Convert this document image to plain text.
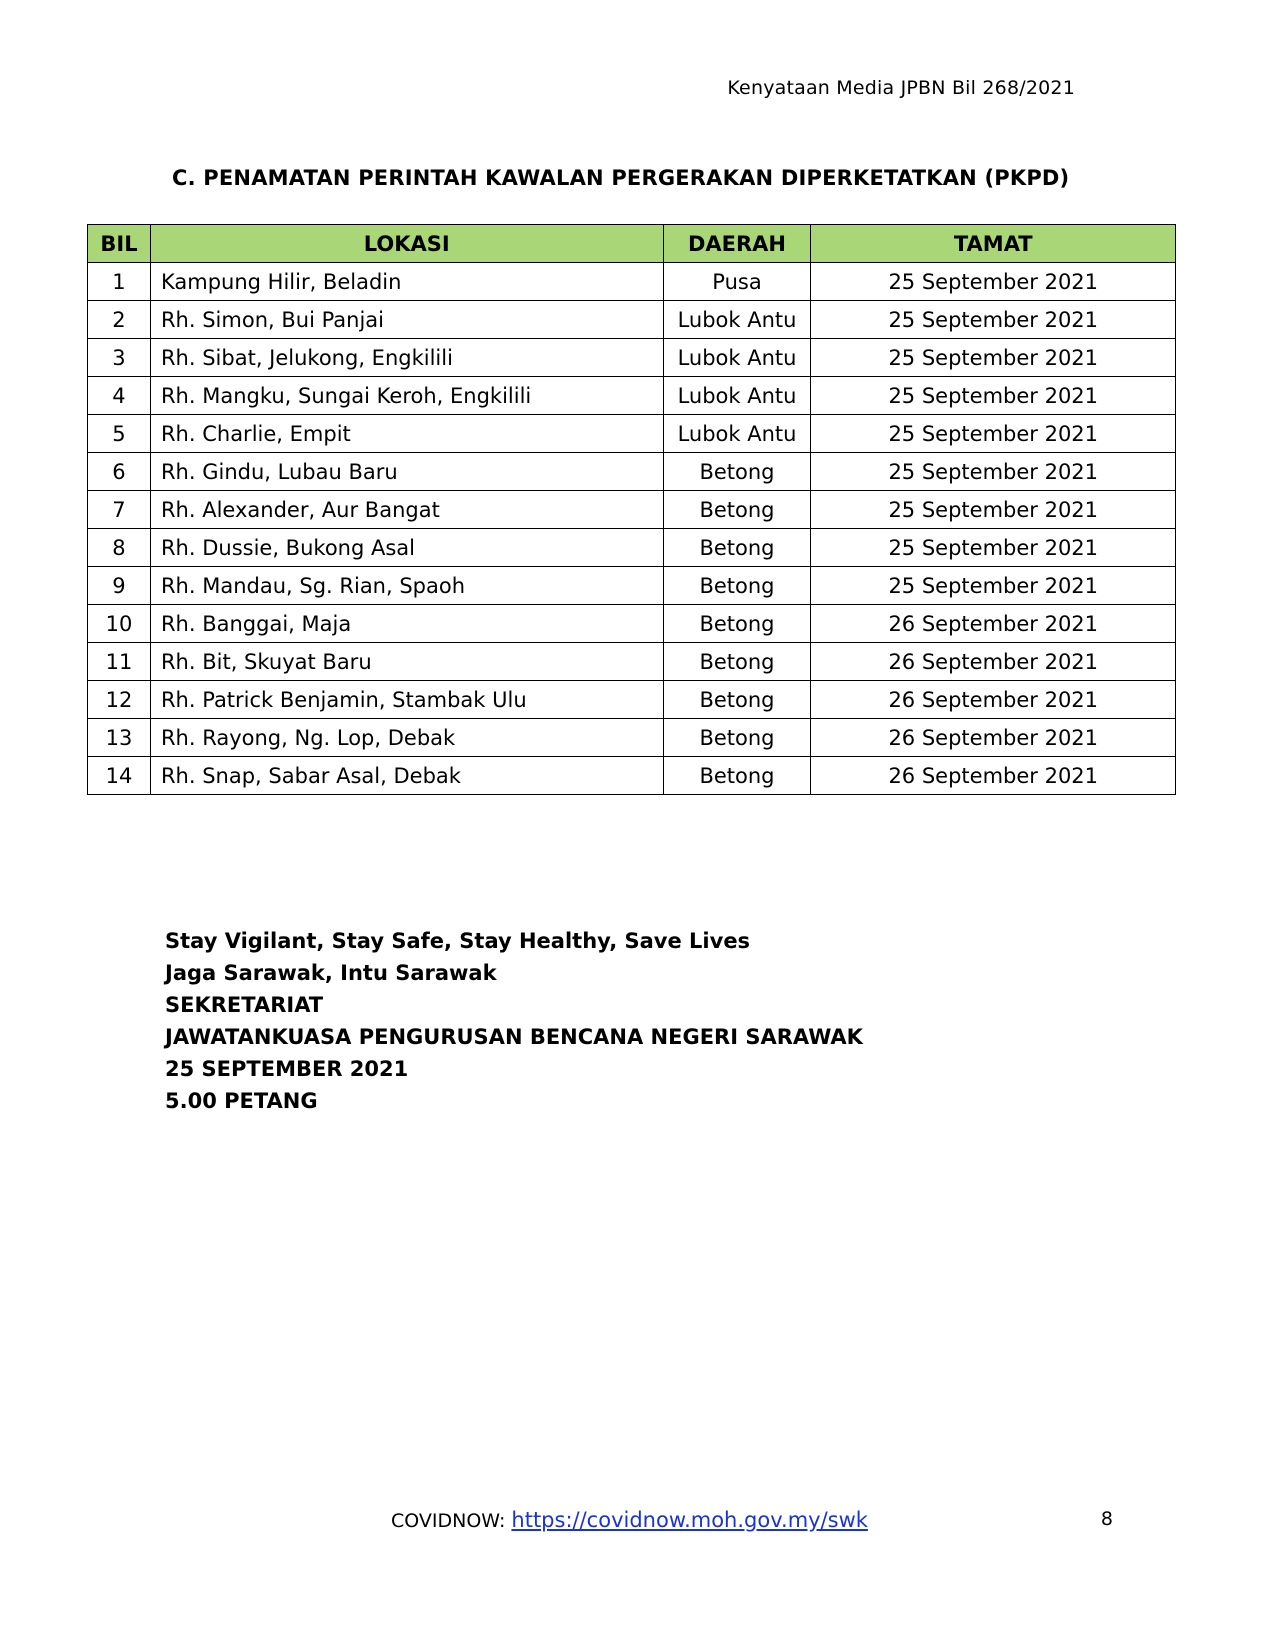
Kenyataan Media JPBN Bil 268/2021
C. PENAMATAN PERINTAH KAWALAN PERGERAKAN DIPERKETATKAN (PKPD)
BIL	LOKASI	DAERAH	TAMAT
1	Kampung Hilir, Beladin	Pusa	25 September 2021
2	Rh. Simon, Bui Panjai	Lubok Antu	25 September 2021
3	Rh. Sibat, Jelukong, Engkilili	Lubok Antu	25 September 2021
4	Rh. Mangku, Sungai Keroh, Engkilili	Lubok Antu	25 September 2021
5	Rh. Charlie, Empit	Lubok Antu	25 September 2021
6	Rh. Gindu, Lubau Baru	Betong	25 September 2021
7	Rh. Alexander, Aur Bangat	Betong	25 September 2021
8	Rh. Dussie, Bukong Asal	Betong	25 September 2021
9	Rh. Mandau, Sg. Rian, Spaoh	Betong	25 September 2021
10	Rh. Banggai, Maja	Betong	26 September 2021
11	Rh. Bit, Skuyat Baru	Betong	26 September 2021
12	Rh. Patrick Benjamin, Stambak Ulu	Betong	26 September 2021
13	Rh. Rayong, Ng. Lop, Debak	Betong	26 September 2021
14	Rh. Snap, Sabar Asal, Debak	Betong	26 September 2021
Stay Vigilant, Stay Safe, Stay Healthy, Save Lives
Jaga Sarawak, Intu Sarawak
SEKRETARIAT
JAWATANKUASA PENGURUSAN BENCANA NEGERI SARAWAK
25 SEPTEMBER 2021
5.00 PETANG
COVIDNOW: https://covidnow.moh.gov.my/swk	8
